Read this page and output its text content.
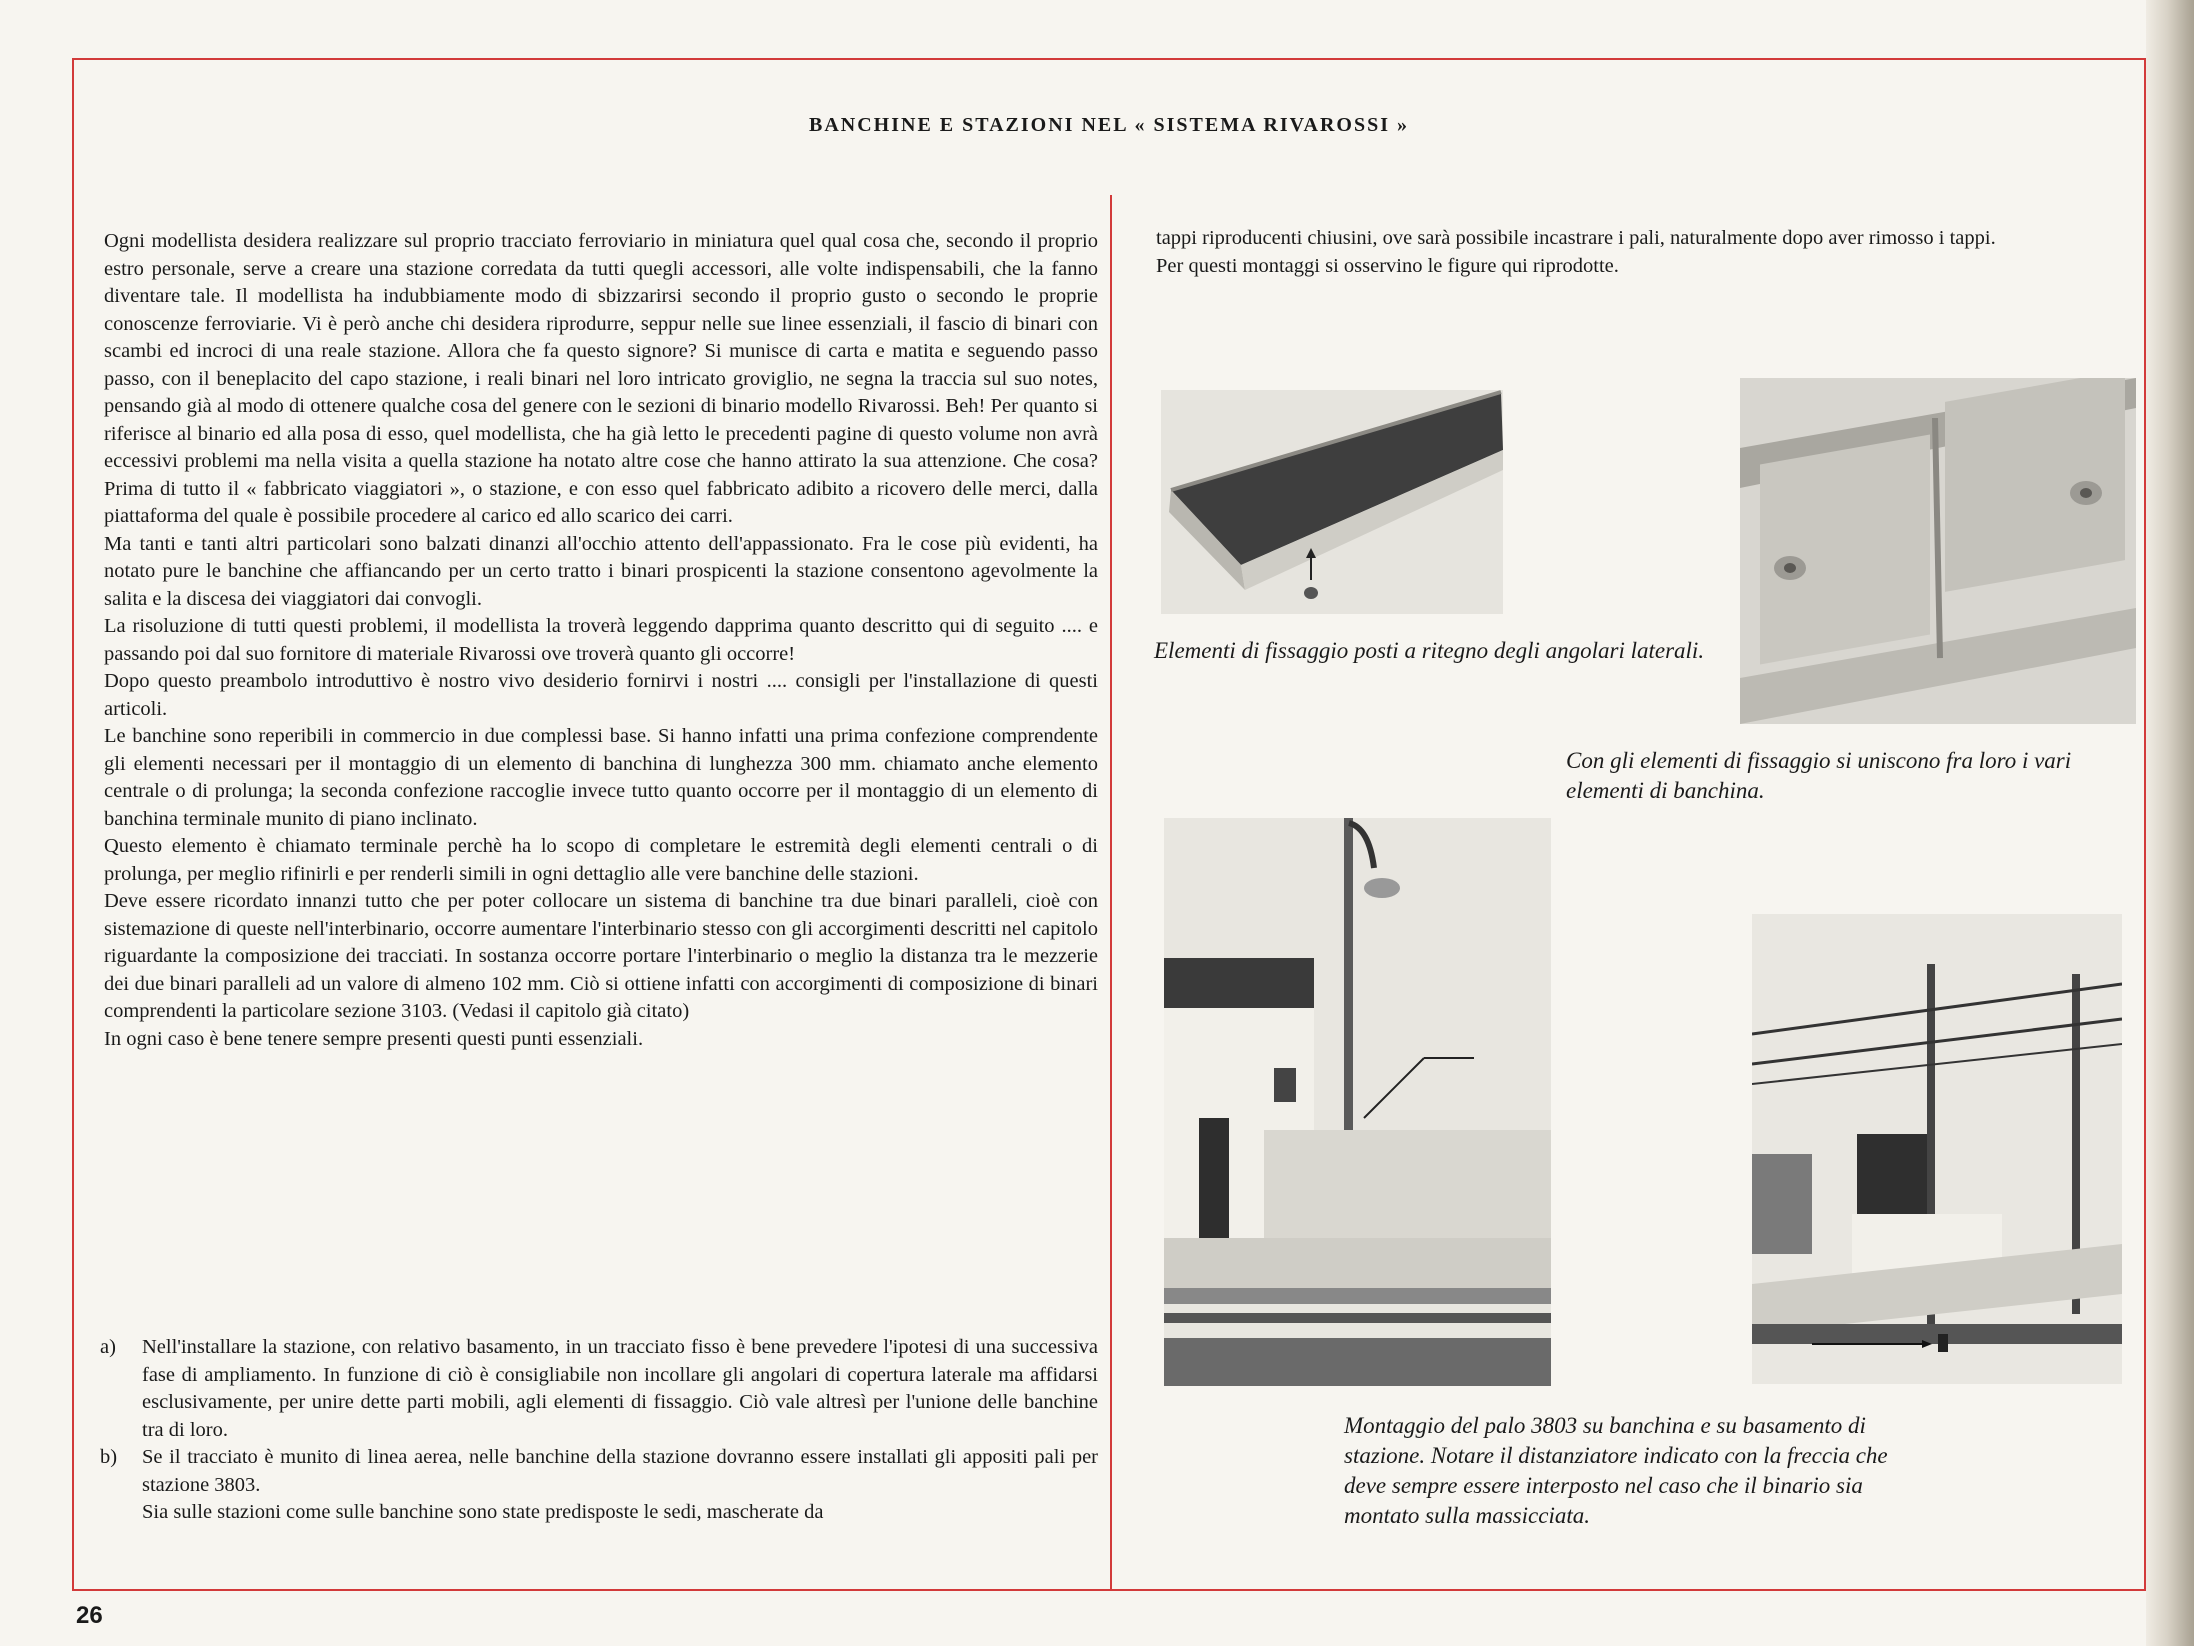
BANCHINE E STAZIONI NEL « SISTEMA RIVAROSSI »

Ogni modellista desidera realizzare sul proprio tracciato ferroviario in miniatura quel qual cosa che, secondo il proprio estro personale, serve a creare una stazione corredata da tutti quegli accessori, alle volte indispensabili, che la fanno diventare tale. Il modellista ha indubbiamente modo di sbizzarirsi secondo il proprio gusto o secondo le proprie conoscenze ferroviarie. Vi è però anche chi desidera riprodurre, seppur nelle sue linee essenziali, il fascio di binari con scambi ed incroci di una reale stazione. Allora che fa questo signore? Si munisce di carta e matita e seguendo passo passo, con il beneplacito del capo stazione, i reali binari nel loro intricato groviglio, ne segna la traccia sul suo notes, pensando già al modo di ottenere qualche cosa del genere con le sezioni di binario modello Rivarossi. Beh! Per quanto si riferisce al binario ed alla posa di esso, quel modellista, che ha già letto le precedenti pagine di questo volume non avrà eccessivi problemi ma nella visita a quella stazione ha notato altre cose che hanno attirato la sua attenzione. Che cosa? Prima di tutto il « fabbricato viaggiatori », o stazione, e con esso quel fabbricato adibito a ricovero delle merci, dalla piattaforma del quale è possibile procedere al carico ed allo scarico dei carri.

Ma tanti e tanti altri particolari sono balzati dinanzi all'occhio attento dell'appassionato. Fra le cose più evidenti, ha notato pure le banchine che affiancando per un certo tratto i binari prospicenti la stazione consentono agevolmente la salita e la discesa dei viaggiatori dai convogli.

La risoluzione di tutti questi problemi, il modellista la troverà leggendo dapprima quanto descritto qui di seguito .... e passando poi dal suo fornitore di materiale Rivarossi ove troverà quanto gli occorre!

Dopo questo preambolo introduttivo è nostro vivo desiderio fornirvi i nostri .... consigli per l'installazione di questi articoli.

Le banchine sono reperibili in commercio in due complessi base. Si hanno infatti una prima confezione comprendente gli elementi necessari per il montaggio di un elemento di banchina di lunghezza 300 mm. chiamato anche elemento centrale o di prolunga; la seconda confezione raccoglie invece tutto quanto occorre per il montaggio di un elemento di banchina terminale munito di piano inclinato.

Questo elemento è chiamato terminale perchè ha lo scopo di completare le estremità degli elementi centrali o di prolunga, per meglio rifinirli e per renderli simili in ogni dettaglio alle vere banchine delle stazioni.

Deve essere ricordato innanzi tutto che per poter collocare un sistema di banchine tra due binari paralleli, cioè con sistemazione di queste nell'interbinario, occorre aumentare l'interbinario stesso con gli accorgimenti descritti nel capitolo riguardante la composizione dei tracciati. In sostanza occorre portare l'interbinario o meglio la distanza tra le mezzerie dei due binari paralleli ad un valore di almeno 102 mm. Ciò si ottiene infatti con accorgimenti di composizione di binari comprendenti la particolare sezione 3103. (Vedasi il capitolo già citato)

In ogni caso è bene tenere sempre presenti questi punti essenziali.

a) Nell'installare la stazione, con relativo basamento, in un tracciato fisso è bene prevedere l'ipotesi di una successiva fase di ampliamento. In funzione di ciò è consigliabile non incollare gli angolari di copertura laterale ma affidarsi esclusivamente, per unire dette parti mobili, agli elementi di fissaggio. Ciò vale altresì per l'unione delle banchine tra di loro.
b) Se il tracciato è munito di linea aerea, nelle banchine della stazione dovranno essere installati gli appositi pali per stazione 3803.
Sia sulle stazioni come sulle banchine sono state predisposte le sedi, mascherate da

tappi riproducenti chiusini, ove sarà possibile incastrare i pali, naturalmente dopo aver rimosso i tappi.

Per questi montaggi si osservino le figure qui riprodotte.

Elementi di fissaggio posti a ritegno degli angolari laterali.
Con gli elementi di fissaggio si uniscono fra loro i vari elementi di banchina.
Montaggio del palo 3803 su banchina e su basamento di stazione. Notare il distanziatore indicato con la freccia che deve sempre essere interposto nel caso che il binario sia montato sulla massicciata.
26
